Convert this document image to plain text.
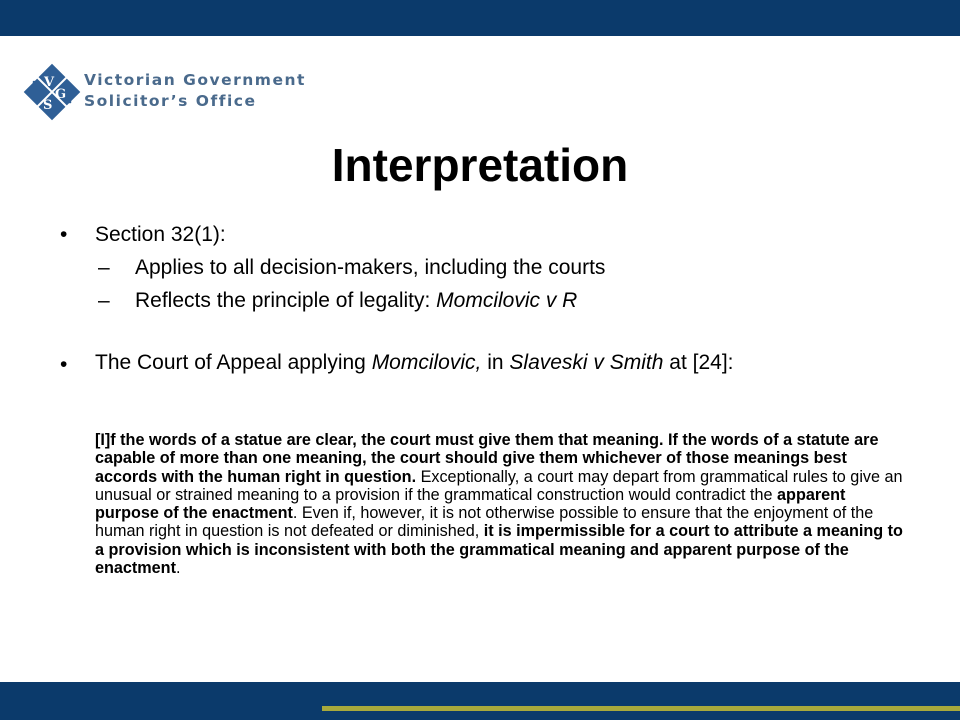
V
G
S
Victorian Government
Solicitor’s Office
Interpretation
• Section 32(1):
– Applies to all decision-makers, including the courts
– Reflects the principle of legality: Momcilovic v R
• The Court of Appeal applying Momcilovic, in Slaveski v Smith at [24]:
[I]f the words of a statue are clear, the court must give them that meaning. If the words of a statute are capable of more than one meaning, the court should give them whichever of those meanings best accords with the human right in question. Exceptionally, a court may depart from grammatical rules to give an unusual or strained meaning to a provision if the grammatical construction would contradict the apparent purpose of the enactment. Even if, however, it is not otherwise possible to ensure that the enjoyment of the human right in question is not defeated or diminished, it is impermissible for a court to attribute a meaning to a provision which is inconsistent with both the grammatical meaning and apparent purpose of the enactment.
